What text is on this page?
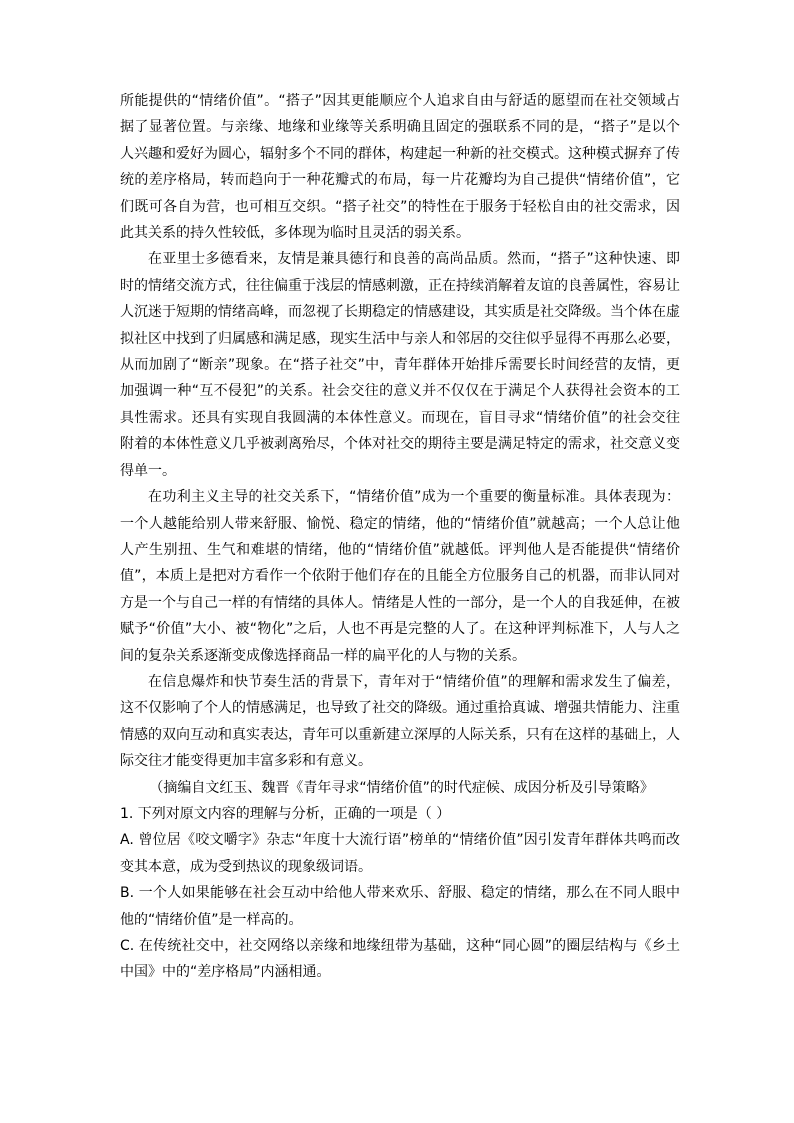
所能提供的“情绪价值”。“搭子”因其更能顺应个人追求自由与舒适的愿望而在社交领域占据了显著位置。与亲缘、地缘和业缘等关系明确且固定的强联系不同的是，“搭子”是以个人兴趣和爱好为圆心，辐射多个不同的群体，构建起一种新的社交模式。这种模式摒弃了传统的差序格局，转而趋向于一种花瓣式的布局，每一片花瓣均为自己提供“情绪价值”，它们既可各自为营，也可相互交织。“搭子社交”的特性在于服务于轻松自由的社交需求，因此其关系的持久性较低，多体现为临时且灵活的弱关系。

在亚里士多德看来，友情是兼具德行和良善的高尚品质。然而，“搭子”这种快速、即时的情绪交流方式，往往偏重于浅层的情感刺激，正在持续消解着友谊的良善属性，容易让人沉迷于短期的情绪高峰，而忽视了长期稳定的情感建设，其实质是社交降级。当个体在虚拟社区中找到了归属感和满足感，现实生活中与亲人和邻居的交往似乎显得不再那么必要，从而加剧了“断亲”现象。在“搭子社交”中，青年群体开始排斥需要长时间经营的友情，更加强调一种“互不侵犯”的关系。社会交往的意义并不仅仅在于满足个人获得社会资本的工具性需求。还具有实现自我圆满的本体性意义。而现在，盲目寻求“情绪价值”的社会交往附着的本体性意义几乎被剥离殆尽，个体对社交的期待主要是满足特定的需求，社交意义变得单一。

在功利主义主导的社交关系下，“情绪价值”成为一个重要的衡量标准。具体表现为：一个人越能给别人带来舒服、愉悦、稳定的情绪，他的“情绪价值”就越高；一个人总让他人产生别扭、生气和难堪的情绪，他的“情绪价值”就越低。评判他人是否能提供“情绪价值”，本质上是把对方看作一个依附于他们存在的且能全方位服务自己的机器，而非认同对方是一个与自己一样的有情绪的具体人。情绪是人性的一部分，是一个人的自我延伸，在被赋予“价值”大小、被“物化”之后，人也不再是完整的人了。在这种评判标准下，人与人之间的复杂关系逐渐变成像选择商品一样的扁平化的人与物的关系。

在信息爆炸和快节奏生活的背景下，青年对于“情绪价值”的理解和需求发生了偏差，这不仅影响了个人的情感满足，也导致了社交的降级。通过重拾真诚、增强共情能力、注重情感的双向互动和真实表达，青年可以重新建立深厚的人际关系，只有在这样的基础上，人际交往才能变得更加丰富多彩和有意义。

（摘编自文红玉、魏晋《青年寻求“情绪价值”的时代症候、成因分析及引导策略》

1. 下列对原文内容的理解与分析，正确的一项是（ ）

A. 曾位居《咬文嚼字》杂志“年度十大流行语”榜单的“情绪价值”因引发青年群体共鸣而改变其本意，成为受到热议的现象级词语。

B. 一个人如果能够在社会互动中给他人带来欢乐、舒服、稳定的情绪，那么在不同人眼中他的“情绪价值”是一样高的。

C. 在传统社交中，社交网络以亲缘和地缘纽带为基础，这种“同心圆”的圈层结构与《乡土中国》中的“差序格局”内涵相通。
